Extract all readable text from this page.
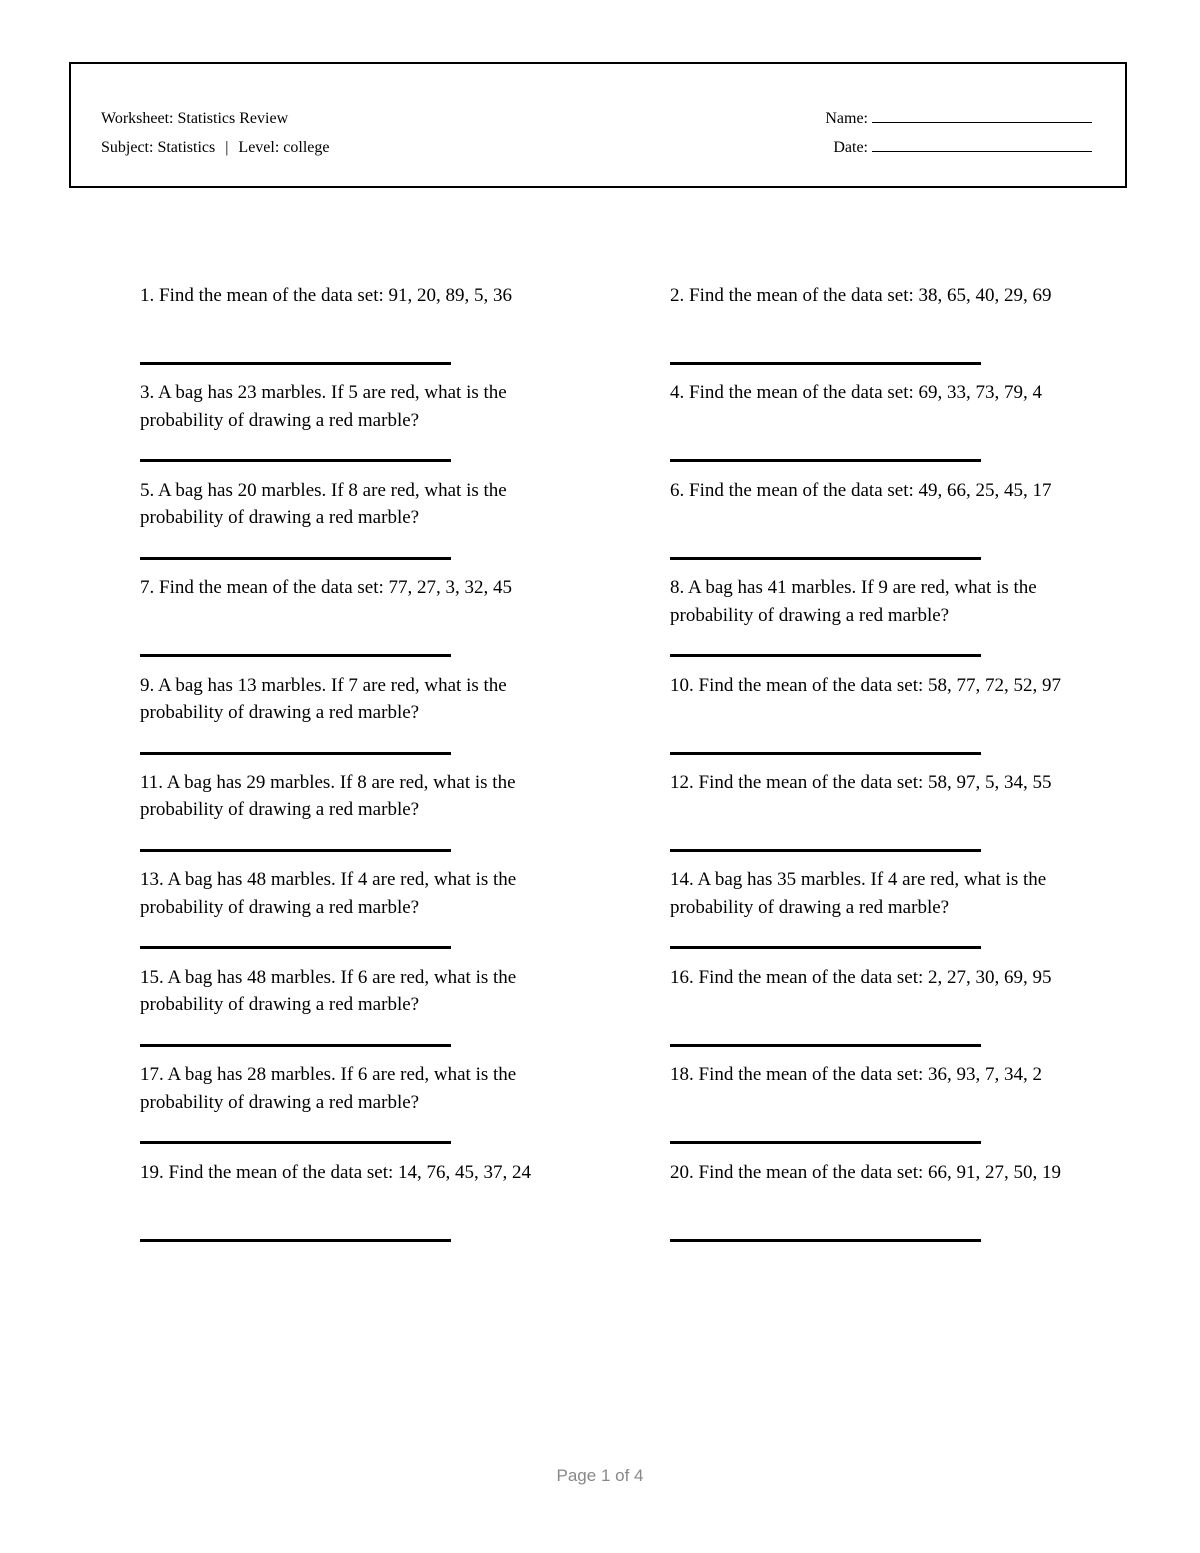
Worksheet: Statistics Review
Subject: Statistics | Level: college
Name:
Date:
1. Find the mean of the data set: 91, 20, 89, 5, 36	2. Find the mean of the data set: 38, 65, 40, 29, 69
3. A bag has 23 marbles. If 5 are red, what is the probability of drawing a red marble?
4. Find the mean of the data set: 69, 33, 73, 79, 4
5. A bag has 20 marbles. If 8 are red, what is the probability of drawing a red marble?
6. Find the mean of the data set: 49, 66, 25, 45, 17
7. Find the mean of the data set: 77, 27, 3, 32, 45	8. A bag has 41 marbles. If 9 are red, what is the probability of drawing a red marble?
9. A bag has 13 marbles. If 7 are red, what is the probability of drawing a red marble?
10. Find the mean of the data set: 58, 77, 72, 52, 97
11. A bag has 29 marbles. If 8 are red, what is the probability of drawing a red marble?
12. Find the mean of the data set: 58, 97, 5, 34, 55
13. A bag has 48 marbles. If 4 are red, what is the probability of drawing a red marble?
14. A bag has 35 marbles. If 4 are red, what is the probability of drawing a red marble?
15. A bag has 48 marbles. If 6 are red, what is the probability of drawing a red marble?
16. Find the mean of the data set: 2, 27, 30, 69, 95
17. A bag has 28 marbles. If 6 are red, what is the probability of drawing a red marble?
18. Find the mean of the data set: 36, 93, 7, 34, 2
19. Find the mean of the data set: 14, 76, 45, 37, 24	20. Find the mean of the data set: 66, 91, 27, 50, 19
Page 1 of 4
